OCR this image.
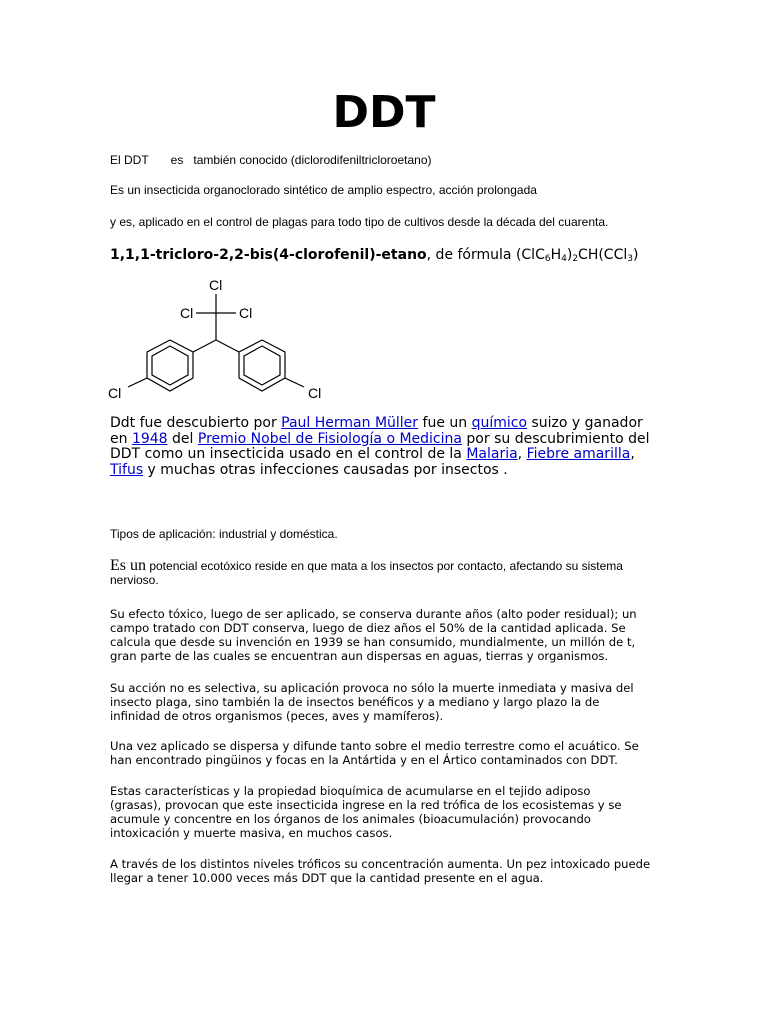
DDT

El DDT es también conocido (diclorodifeniltricloroetano)

Es un insecticida organoclorado sintético de amplio espectro, acción prolongada

y es, aplicado en el control de plagas para todo tipo de cultivos desde la década del cuarenta.

1,1,1-tricloro-2,2-bis(4-clorofenil)-etano, de fórmula $(ClC_6H_4)_2CH(CCl_3)$

Cl
Cl	Cl
Cl	Cl

Ddt fue descubierto por Paul Herman Müller fue un químico suizo y ganador en 1948 del Premio Nobel de Fisiología o Medicina por su descubrimiento del DDT como un insecticida usado en el control de la Malaria, Fiebre amarilla, Tifus y muchas otras infecciones causadas por insectos .

Tipos de aplicación: industrial y doméstica.

Es un potencial ecotóxico reside en que mata a los insectos por contacto, afectando su sistema nervioso.

Su efecto tóxico, luego de ser aplicado, se conserva durante años (alto poder residual); un campo tratado con DDT conserva, luego de diez años el 50% de la cantidad aplicada. Se calcula que desde su invención en 1939 se han consumido, mundialmente, un millón de t, gran parte de las cuales se encuentran aun dispersas en aguas, tierras y organismos.

Su acción no es selectiva, su aplicación provoca no sólo la muerte inmediata y masiva del insecto plaga, sino también la de insectos benéficos y a mediano y largo plazo la de infinidad de otros organismos (peces, aves y mamíferos).

Una vez aplicado se dispersa y difunde tanto sobre el medio terrestre como el acuático. Se han encontrado pingüinos y focas en la Antártida y en el Ártico contaminados con DDT.

Estas características y la propiedad bioquímica de acumularse en el tejido adiposo (grasas), provocan que este insecticida ingrese en la red trófica de los ecosistemas y se acumule y concentre en los órganos de los animales (bioacumulación) provocando intoxicación y muerte masiva, en muchos casos.

A través de los distintos niveles tróficos su concentración aumenta. Un pez intoxicado puede llegar a tener 10.000 veces más DDT que la cantidad presente en el agua.
